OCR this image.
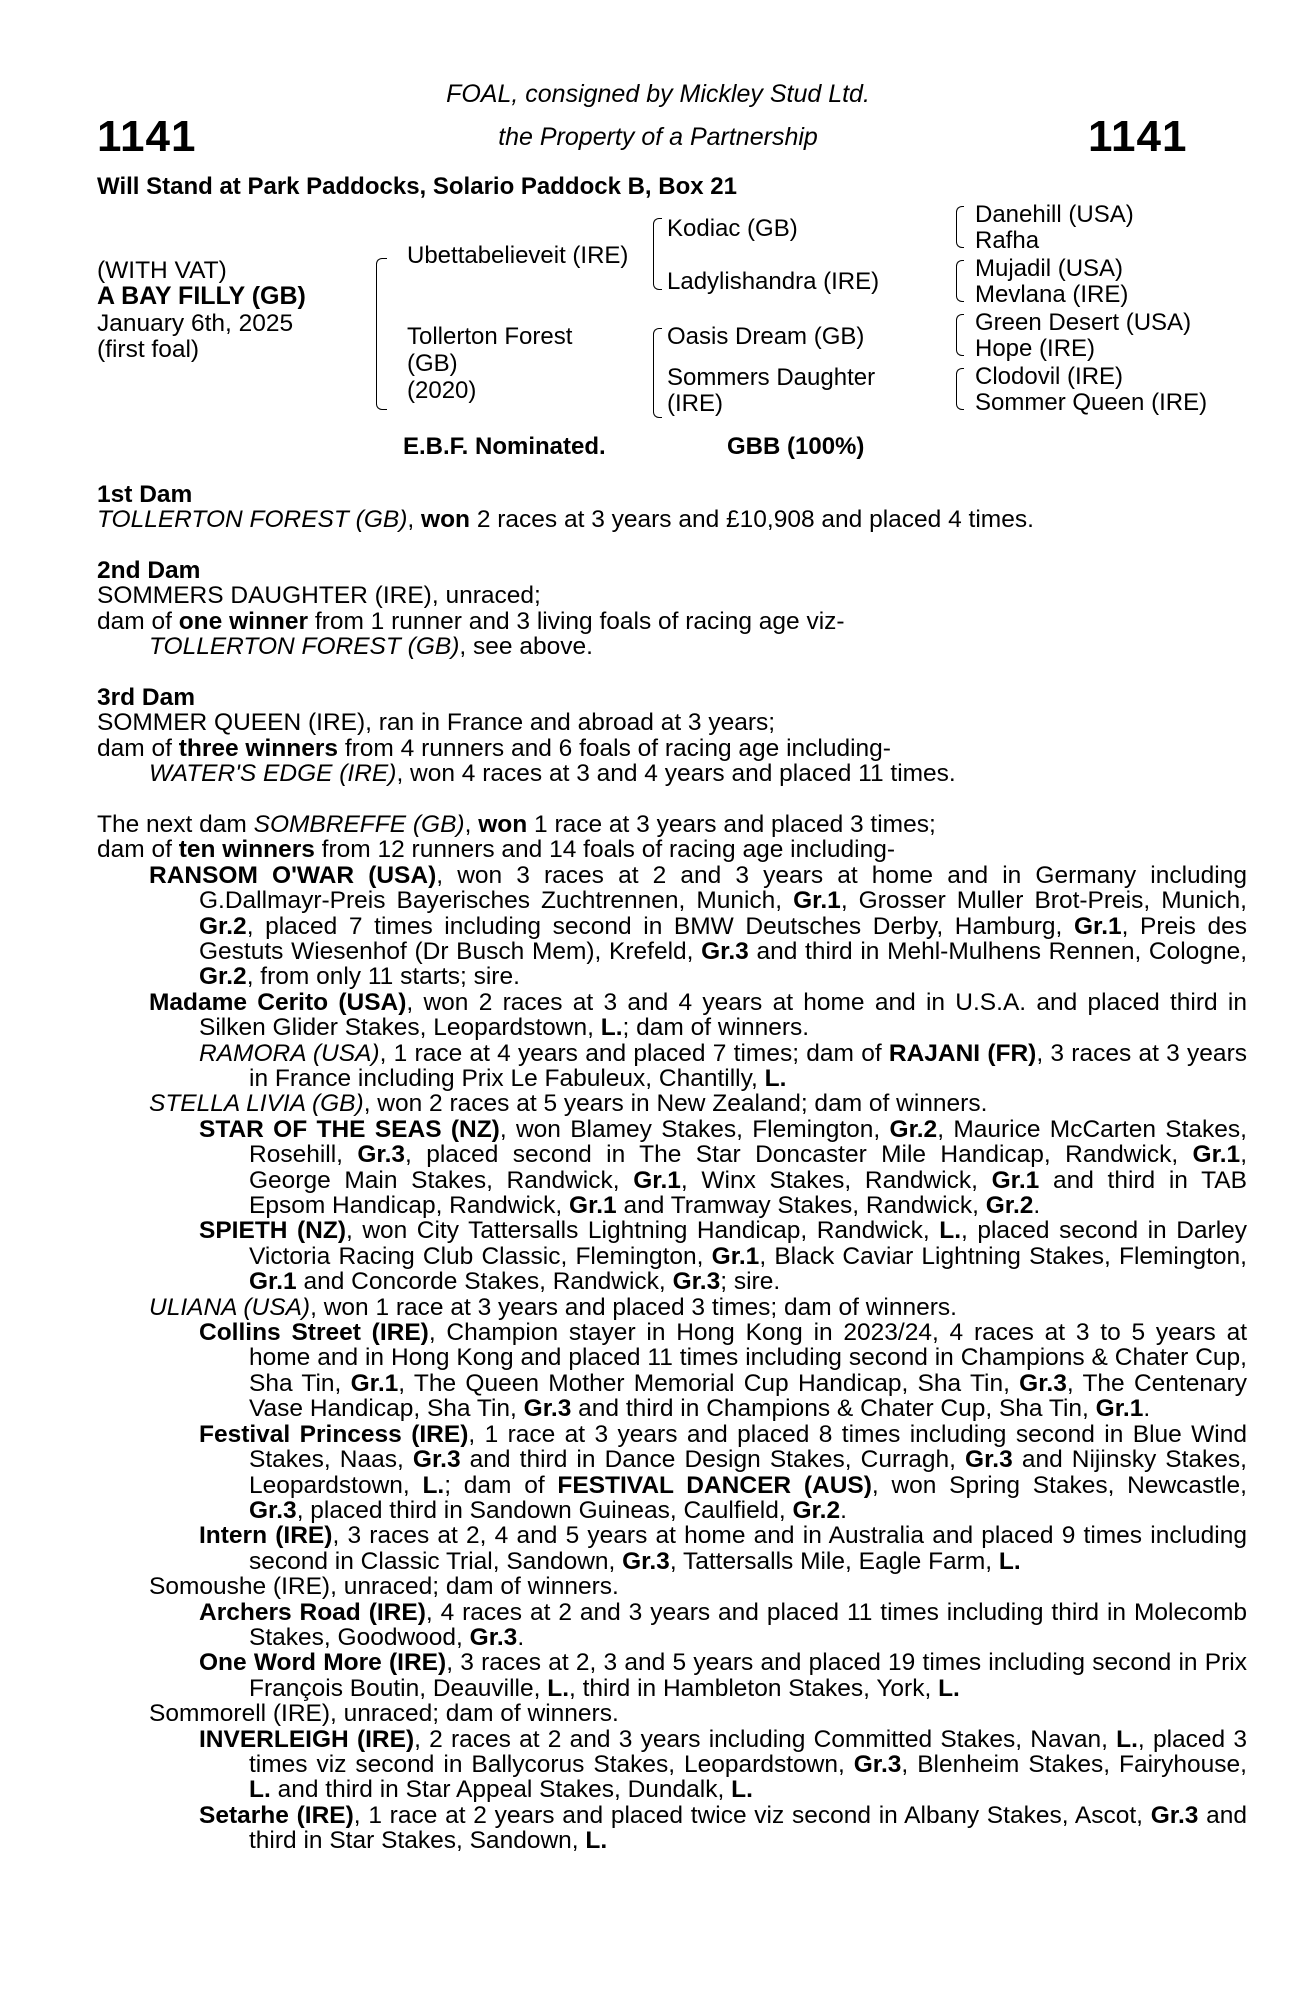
1141	1141
FOAL, consigned by Mickley Stud Ltd.
the Property of a Partnership
Will Stand at Park Paddocks, Solario Paddock B, Box 21
(WITH VAT)
A BAY FILLY (GB)
January 6th, 2025
(first foal)
Ubettabelieveit (IRE)
Tollerton Forest
(GB)
(2020)
Kodiac (GB)
Ladylishandra (IRE)
Oasis Dream (GB)
Sommers Daughter
(IRE)
Danehill (USA)
Rafha
Mujadil (USA)
Mevlana (IRE)
Green Desert (USA)
Hope (IRE)
Clodovil (IRE)
Sommer Queen (IRE)
E.B.F. Nominated.	GBB (100%)
1st Dam
TOLLERTON FOREST (GB), won 2 races at 3 years and £10,908 and placed 4 times.
2nd Dam
SOMMERS DAUGHTER (IRE), unraced;
dam of one winner from 1 runner and 3 living foals of racing age viz-
TOLLERTON FOREST (GB), see above.
3rd Dam
SOMMER QUEEN (IRE), ran in France and abroad at 3 years;
dam of three winners from 4 runners and 6 foals of racing age including-
WATER'S EDGE (IRE), won 4 races at 3 and 4 years and placed 11 times.
The next dam SOMBREFFE (GB), won 1 race at 3 years and placed 3 times;
dam of ten winners from 12 runners and 14 foals of racing age including-
RANSOM O'WAR (USA), won 3 races at 2 and 3 years at home and in Germany including G.Dallmayr-Preis Bayerisches Zuchtrennen, Munich, Gr.1, Grosser Muller Brot-Preis, Munich, Gr.2, placed 7 times including second in BMW Deutsches Derby, Hamburg, Gr.1, Preis des Gestuts Wiesenhof (Dr Busch Mem), Krefeld, Gr.3 and third in Mehl-Mulhens Rennen, Cologne, Gr.2, from only 11 starts; sire.
Madame Cerito (USA), won 2 races at 3 and 4 years at home and in U.S.A. and placed third in Silken Glider Stakes, Leopardstown, L.; dam of winners.
RAMORA (USA), 1 race at 4 years and placed 7 times; dam of RAJANI (FR), 3 races at 3 years in France including Prix Le Fabuleux, Chantilly, L.
STELLA LIVIA (GB), won 2 races at 5 years in New Zealand; dam of winners.
STAR OF THE SEAS (NZ), won Blamey Stakes, Flemington, Gr.2, Maurice McCarten Stakes, Rosehill, Gr.3, placed second in The Star Doncaster Mile Handicap, Randwick, Gr.1, George Main Stakes, Randwick, Gr.1, Winx Stakes, Randwick, Gr.1 and third in TAB Epsom Handicap, Randwick, Gr.1 and Tramway Stakes, Randwick, Gr.2.
SPIETH (NZ), won City Tattersalls Lightning Handicap, Randwick, L., placed second in Darley Victoria Racing Club Classic, Flemington, Gr.1, Black Caviar Lightning Stakes, Flemington, Gr.1 and Concorde Stakes, Randwick, Gr.3; sire.
ULIANA (USA), won 1 race at 3 years and placed 3 times; dam of winners.
Collins Street (IRE), Champion stayer in Hong Kong in 2023/24, 4 races at 3 to 5 years at home and in Hong Kong and placed 11 times including second in Champions & Chater Cup, Sha Tin, Gr.1, The Queen Mother Memorial Cup Handicap, Sha Tin, Gr.3, The Centenary Vase Handicap, Sha Tin, Gr.3 and third in Champions & Chater Cup, Sha Tin, Gr.1.
Festival Princess (IRE), 1 race at 3 years and placed 8 times including second in Blue Wind Stakes, Naas, Gr.3 and third in Dance Design Stakes, Curragh, Gr.3 and Nijinsky Stakes, Leopardstown, L.; dam of FESTIVAL DANCER (AUS), won Spring Stakes, Newcastle, Gr.3, placed third in Sandown Guineas, Caulfield, Gr.2.
Intern (IRE), 3 races at 2, 4 and 5 years at home and in Australia and placed 9 times including second in Classic Trial, Sandown, Gr.3, Tattersalls Mile, Eagle Farm, L.
Somoushe (IRE), unraced; dam of winners.
Archers Road (IRE), 4 races at 2 and 3 years and placed 11 times including third in Molecomb Stakes, Goodwood, Gr.3.
One Word More (IRE), 3 races at 2, 3 and 5 years and placed 19 times including second in Prix François Boutin, Deauville, L., third in Hambleton Stakes, York, L.
Sommorell (IRE), unraced; dam of winners.
INVERLEIGH (IRE), 2 races at 2 and 3 years including Committed Stakes, Navan, L., placed 3 times viz second in Ballycorus Stakes, Leopardstown, Gr.3, Blenheim Stakes, Fairyhouse, L. and third in Star Appeal Stakes, Dundalk, L.
Setarhe (IRE), 1 race at 2 years and placed twice viz second in Albany Stakes, Ascot, Gr.3 and third in Star Stakes, Sandown, L.
